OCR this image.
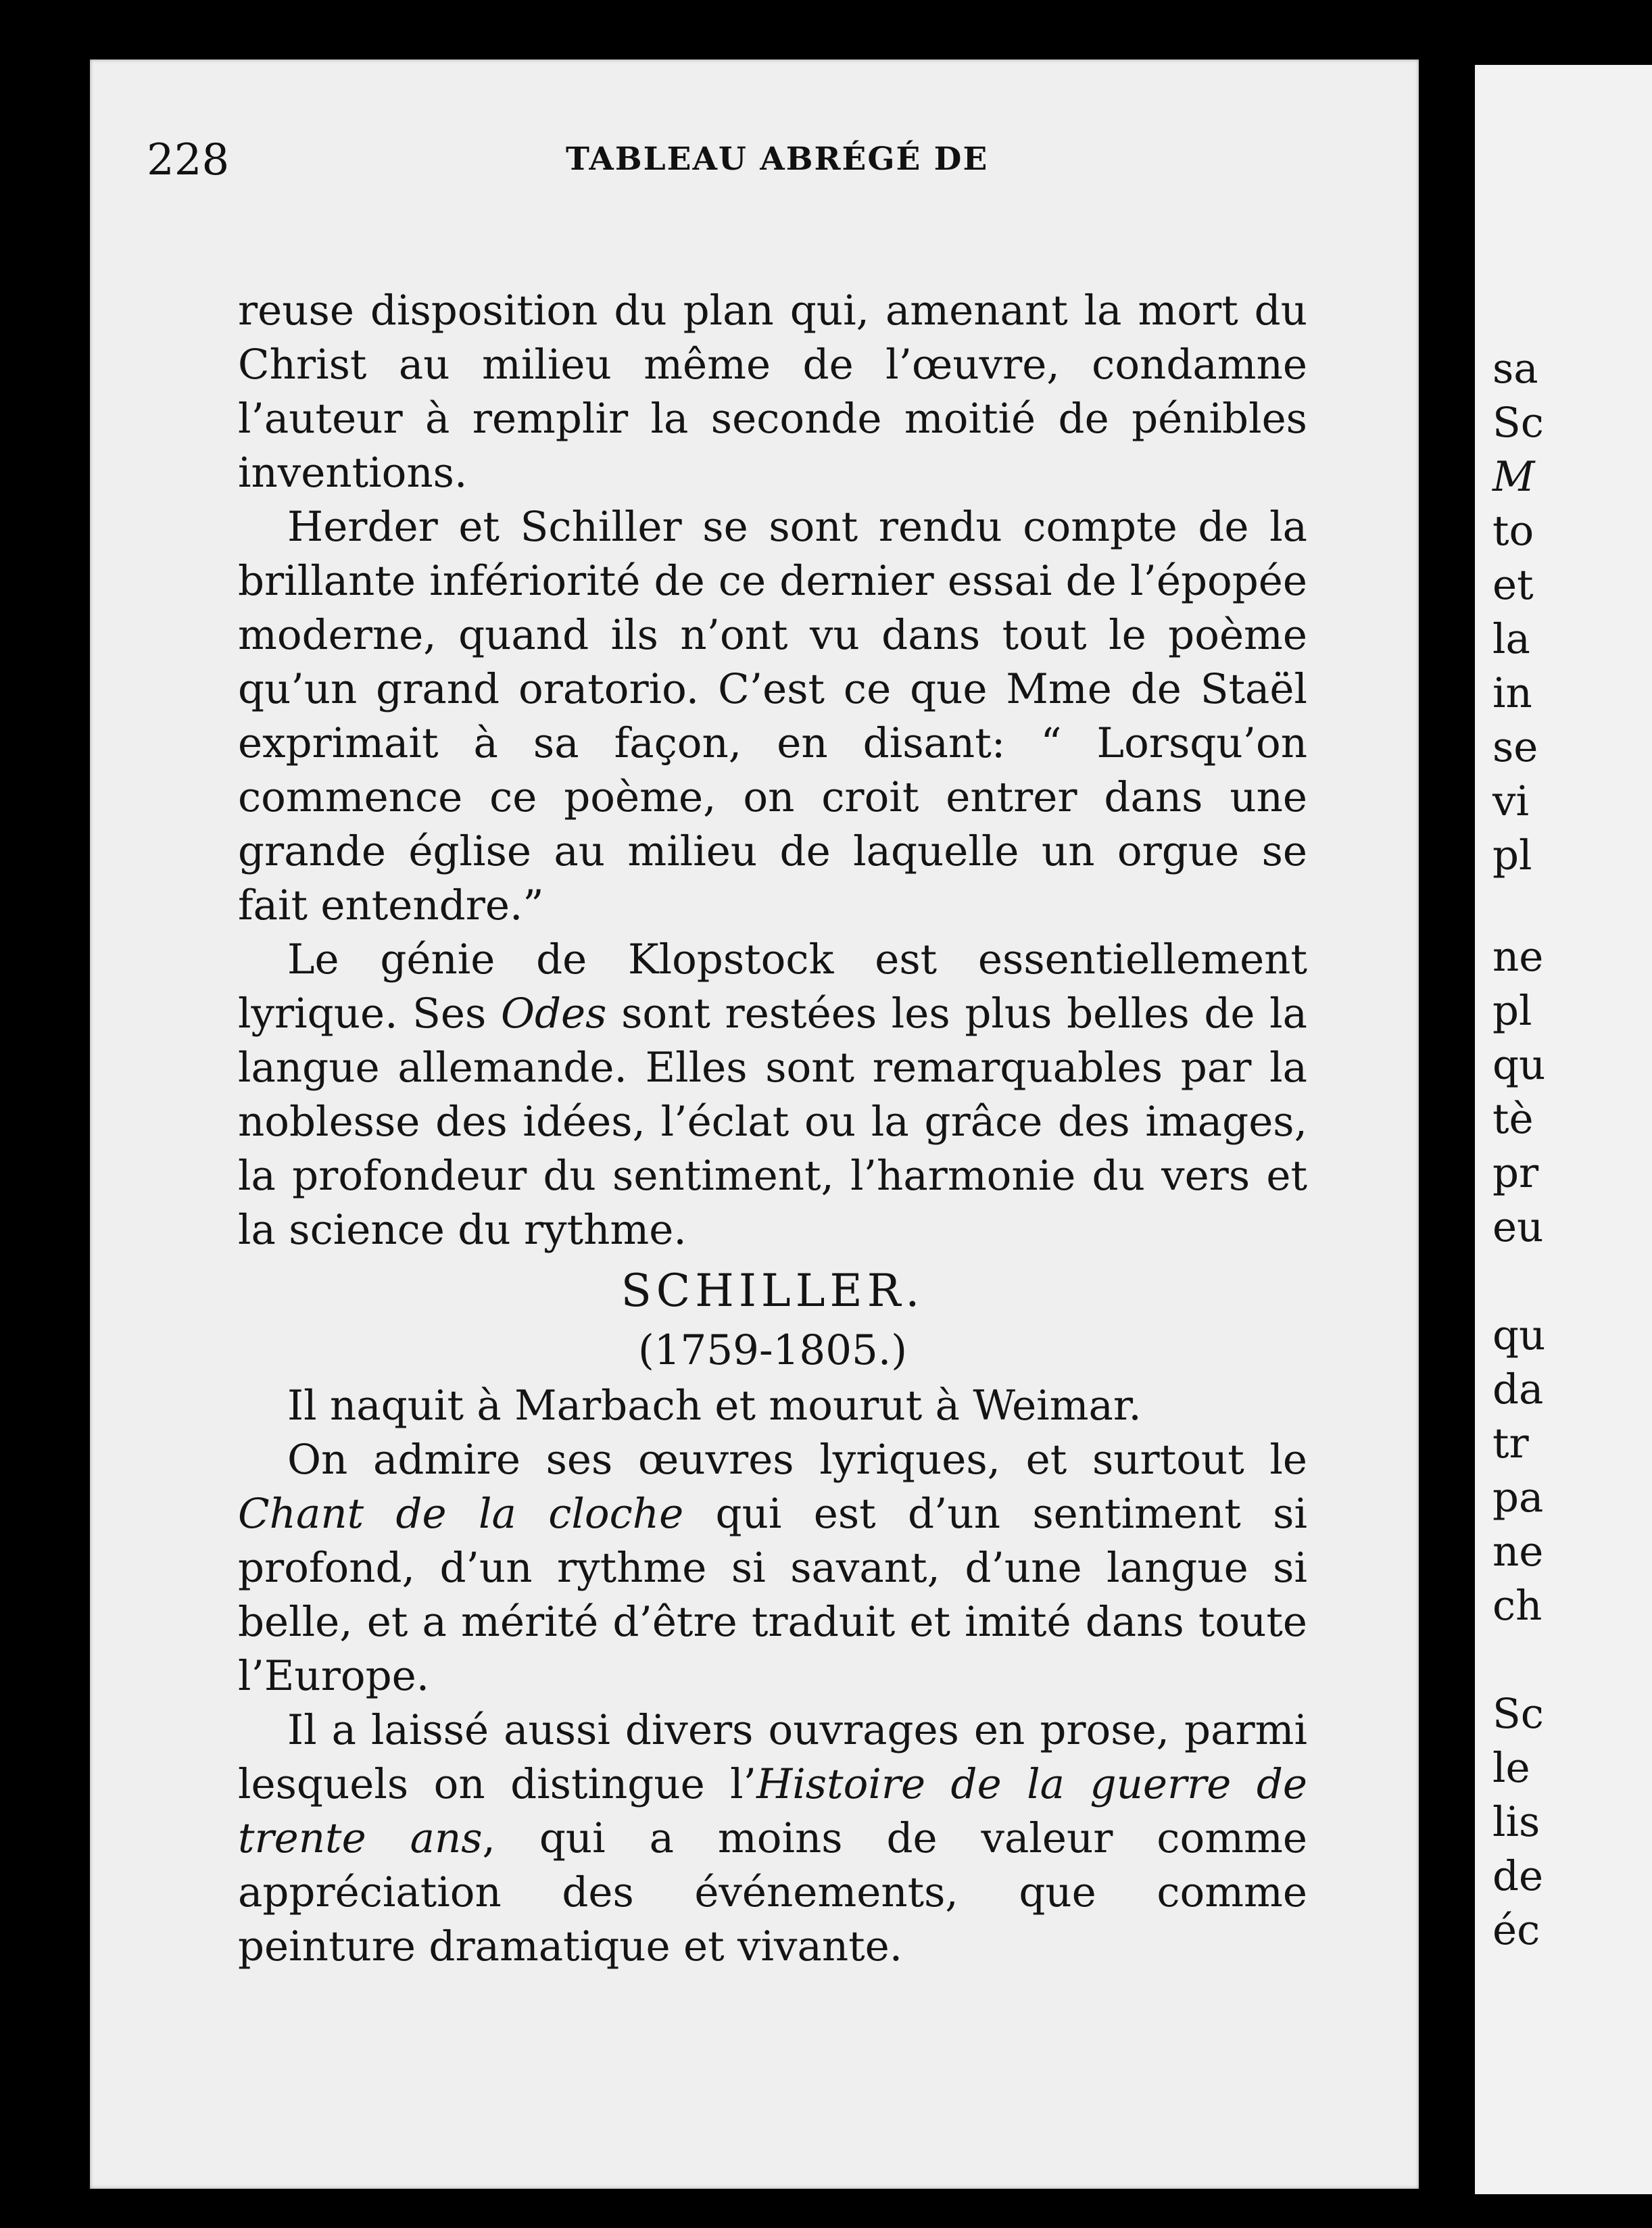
228	TABLEAU ABRÉGÉ DE

reuse disposition du plan qui, amenant la mort du Christ au milieu même de l’œuvre, condamne l’auteur à remplir la seconde moitié de pénibles inventions.

Herder et Schiller se sont rendu compte de la brillante infériorité de ce dernier essai de l’épopée moderne, quand ils n’ont vu dans tout le poème qu’un grand oratorio. C’est ce que Mme de Staël exprimait à sa façon, en disant: “ Lorsqu’on commence ce poème, on croit entrer dans une grande église au milieu de laquelle un orgue se fait entendre.”

Le génie de Klopstock est essentiellement lyrique. Ses Odes sont restées les plus belles de la langue allemande. Elles sont remarquables par la noblesse des idées, l’éclat ou la grâce des images, la profondeur du sentiment, l’harmonie du vers et la science du rythme.

SCHILLER.

(1759-1805.)

Il naquit à Marbach et mourut à Weimar.

On admire ses œuvres lyriques, et surtout le Chant de la cloche qui est d’un sentiment si profond, d’un rythme si savant, d’une langue si belle, et a mérité d’être traduit et imité dans toute l’Europe.

Il a laissé aussi divers ouvrages en prose, parmi lesquels on distingue l’Histoire de la guerre de trente ans, qui a moins de valeur comme appréciation des événements, que comme peinture dramatique et vivante.

sa
Sc
M
to
et
la
in
se
vi
pl
ne
pl
qu
tè
pr
eu
qu
da
tr
pa
ne
ch
Sc
le
lis
de
éc
